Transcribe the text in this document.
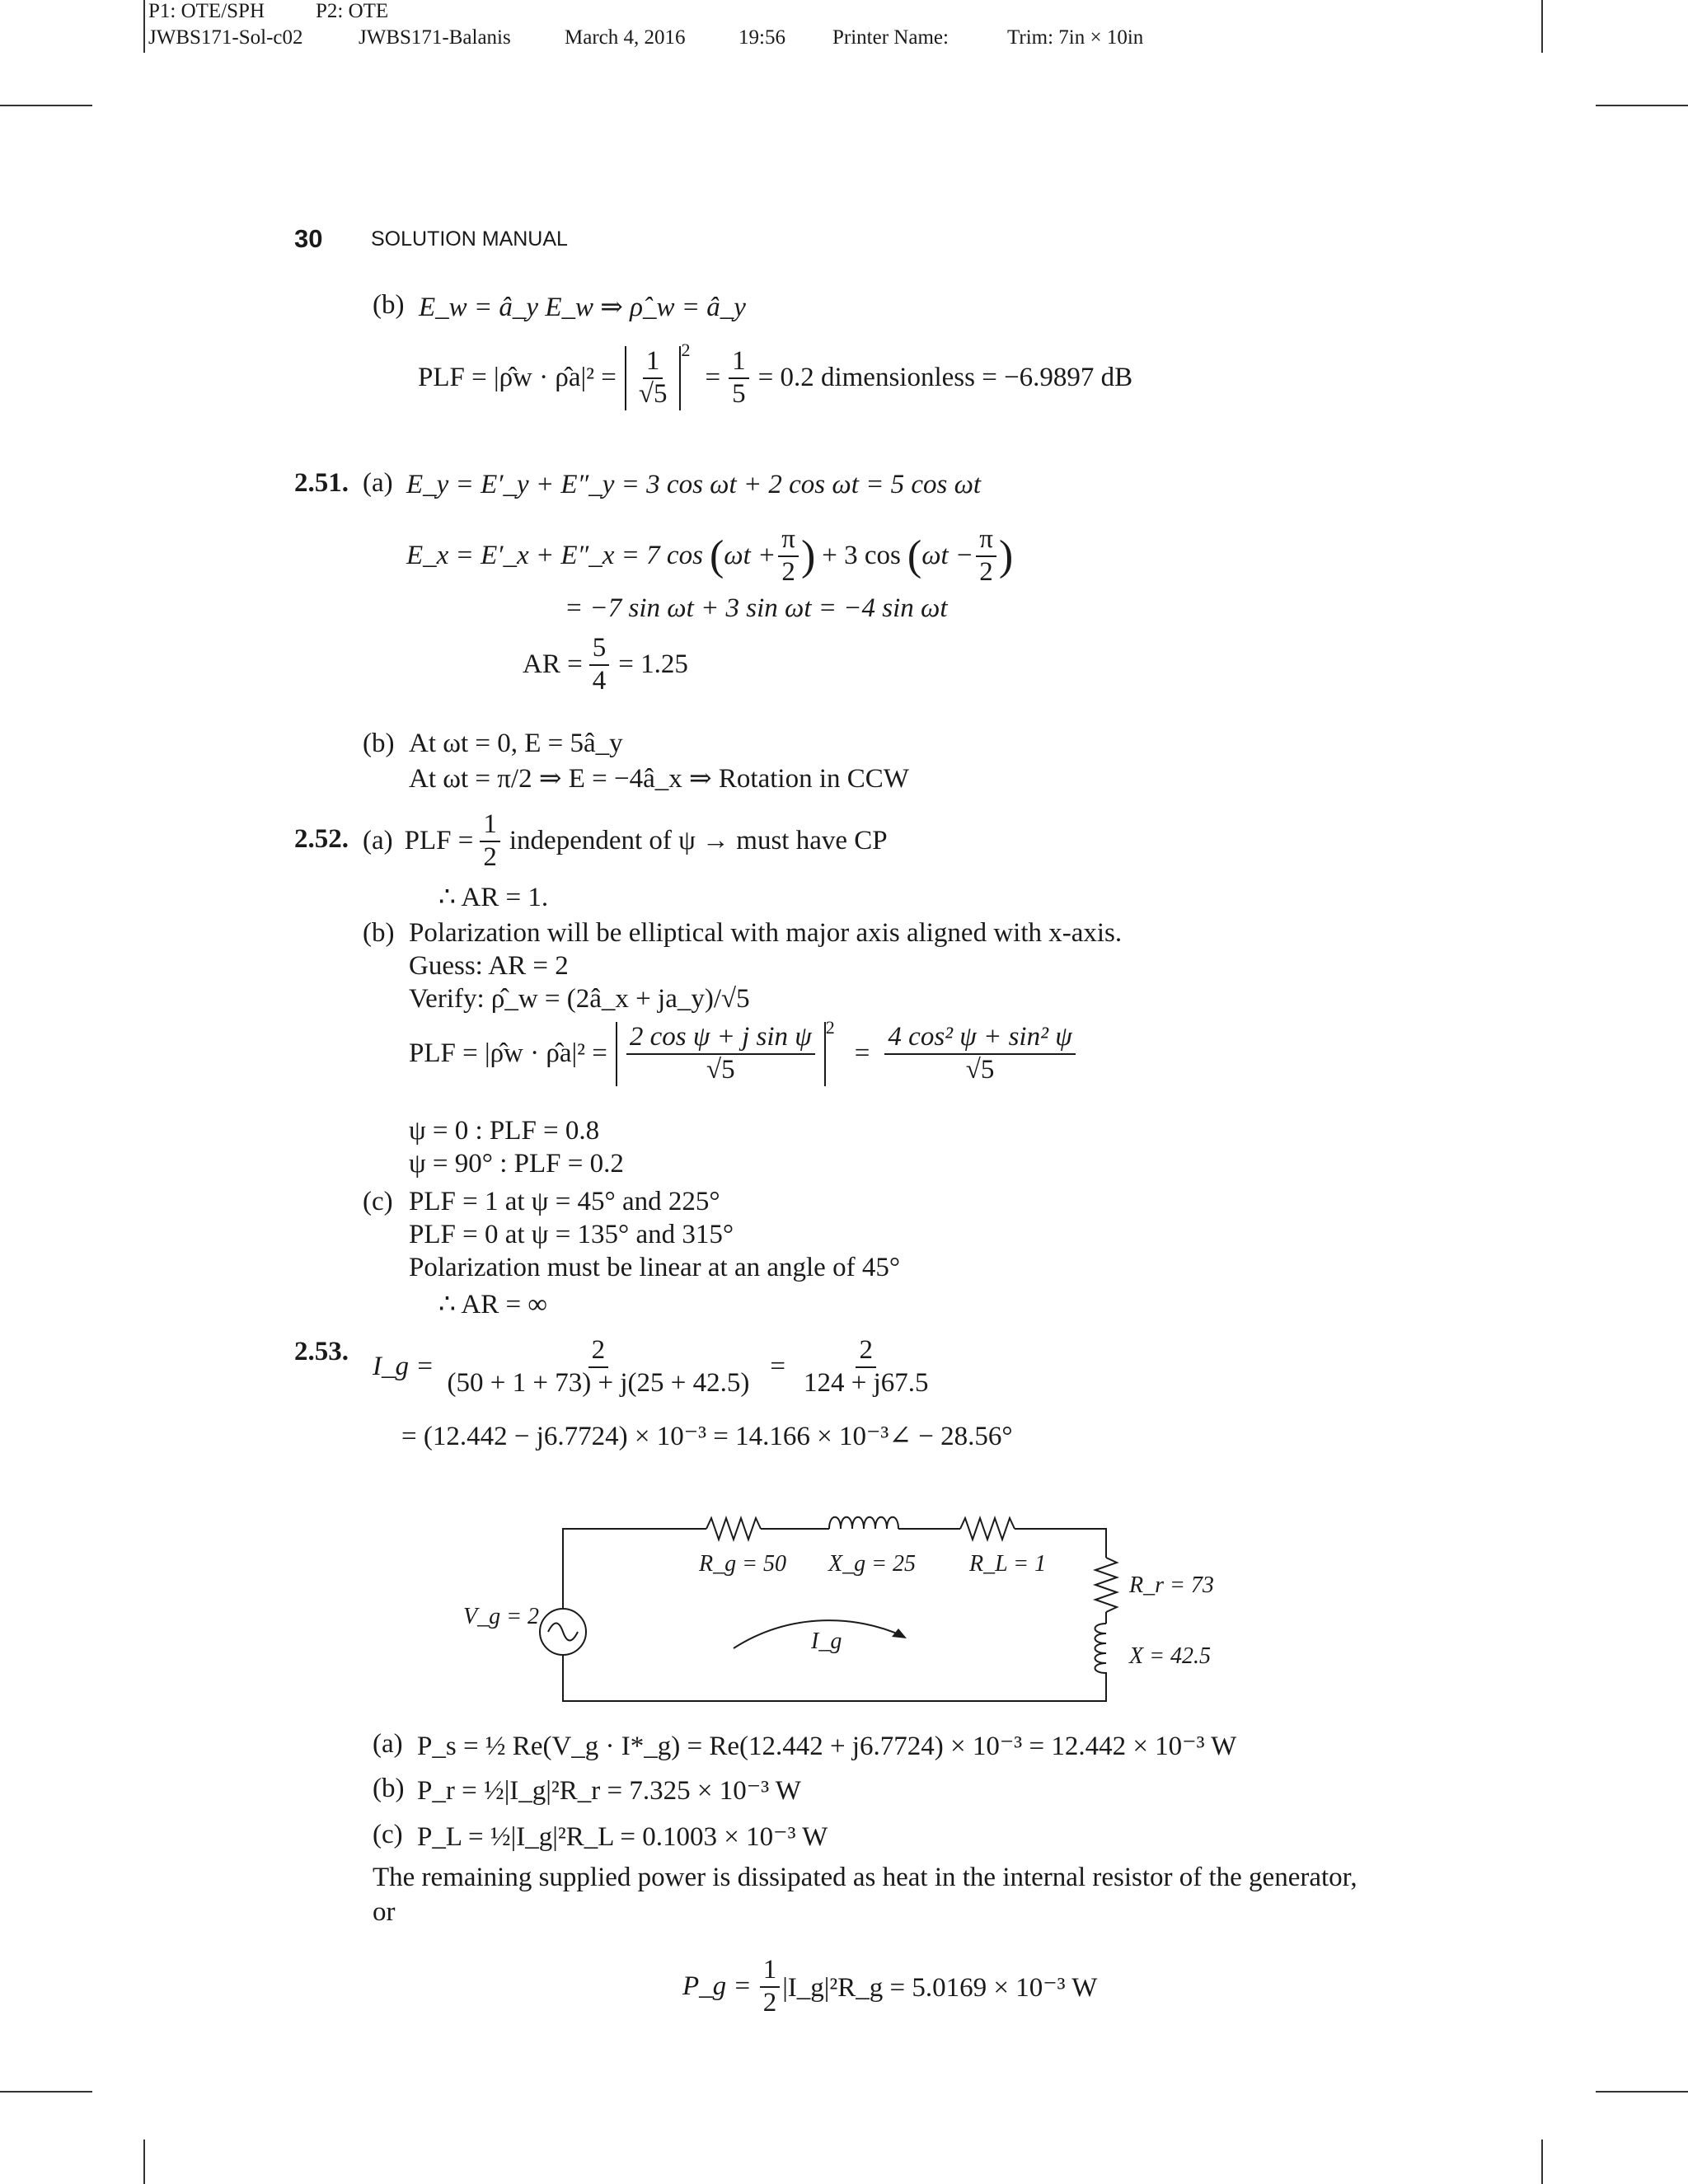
P1: OTE/SPH P2: OTE
JWBS171-Sol-c02	JWBS171-Balanis	March 4, 2016	19:56 Printer Name:	Trim: 7in × 10in
30 SOLUTION MANUAL
(b) E_w = â_y E_w ⇒ ρ̂_w = â_y
PLF = |ρ̂w · ρ̂a|² = $\frac{1}{√5} 2$
= $\frac{1}{5} = 0.2$ dimensionless = −6.9897 dB
2.51. (a) E_y = E′_y + E″_y = 3 cos ωt + 2 cos ωt = 5 cos ωt
E_x = E′_x + E″_x = 7 cos ( $\omega t + \frac{\pi}{2}$ ) + 3 cos ( $\omega t - \frac{\pi}{2}$ )
= −7 sin ωt + 3 sin ωt = −4 sin ωt
AR = $\frac{5}{4} = 1.25$
(b) At ωt = 0, E = 5â_y
At ωt = π/2 ⇒ E = −4â_x ⇒ Rotation in CCW
2.52. (a) PLF = $\frac{1}{2}$ independent of ψ → must have CP
∴ AR = 1.
(b) Polarization will be elliptical with major axis aligned with x-axis.
Guess: AR = 2
Verify: ρ̂_w = (2â_x + ja_y)/√5
PLF = |ρ̂w · ρ̂a|² = $\frac{\text{2 cos ψ + j sin ψ}}{√5} 2$
= $\frac{\text{4 cos² ψ + sin² ψ}}{√5}$
ψ = 0 : PLF = 0.8
ψ = 90° : PLF = 0.2
(c) PLF = 1 at ψ = 45° and 225°
PLF = 0 at ψ = 135° and 315°
Polarization must be linear at an angle of 45°
∴ AR = ∞
2.53.
I_g = $\frac{2}{(50 + 1 + 73) + j(25 + 42.5)} = \frac{2}{124 + j67.5}$
= (12.442 − j6.7724) × 10⁻³ = 14.166 × 10⁻³∠ − 28.56°
R_g = 50 X_g = 25 R_L = 1
R_r = 73
X = 42.5
V_g = 2
I_g
(a) P_s = ½ Re(V_g · I*_g) = Re(12.442 + j6.7724) × 10⁻³ = 12.442 × 10⁻³ W
(b) P_r = ½|I_g|²R_r = 7.325 × 10⁻³ W
(c) P_L = ½|I_g|²R_L = 0.1003 × 10⁻³ W
The remaining supplied power is dissipated as heat in the internal resistor of the generator,
or
P_g = $\frac{1}{2}$ |I_g|²R_g = 5.0169 × 10⁻³ W
